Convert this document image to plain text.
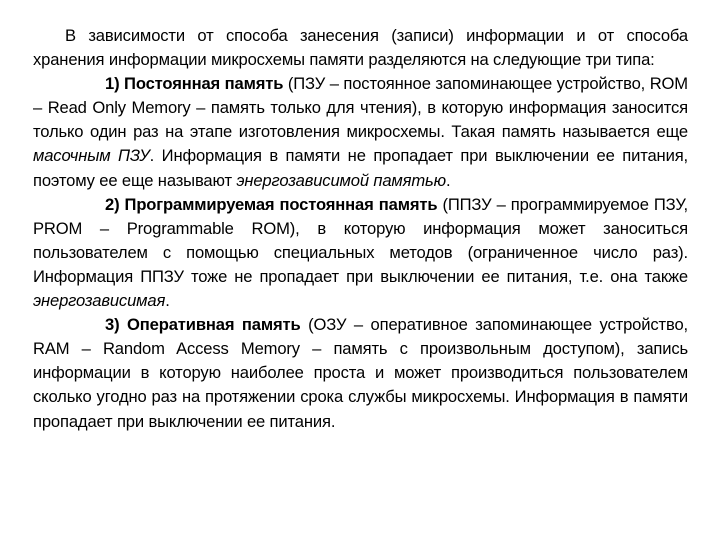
В зависимости от способа занесения (записи) информации и от способа хранения информации микросхемы памяти разделяются на следующие три типа:

1) Постоянная память (ПЗУ – постоянное запоминающее устройство, ROM – Read Only Memory – память только для чтения), в которую информация заносится только один раз на этапе изготовления микросхемы. Такая память называется еще масочным ПЗУ. Информация в памяти не пропадает при выключении ее питания, поэтому ее еще называют энергозависимой памятью.

2) Программируемая постоянная память (ППЗУ – программируемое ПЗУ, PROM – Programmable ROM), в которую информация может заноситься пользователем с помощью специальных методов (ограниченное число раз). Информация ППЗУ тоже не пропадает при выключении ее питания, т.е. она также энергозависимая.

3) Оперативная память (ОЗУ – оперативное запоминающее устройство, RAM – Random Access Memory – память с произвольным доступом), запись информации в которую наиболее проста и может производиться пользователем сколько угодно раз на протяжении срока службы микросхемы. Информация в памяти пропадает при выключении ее питания.
